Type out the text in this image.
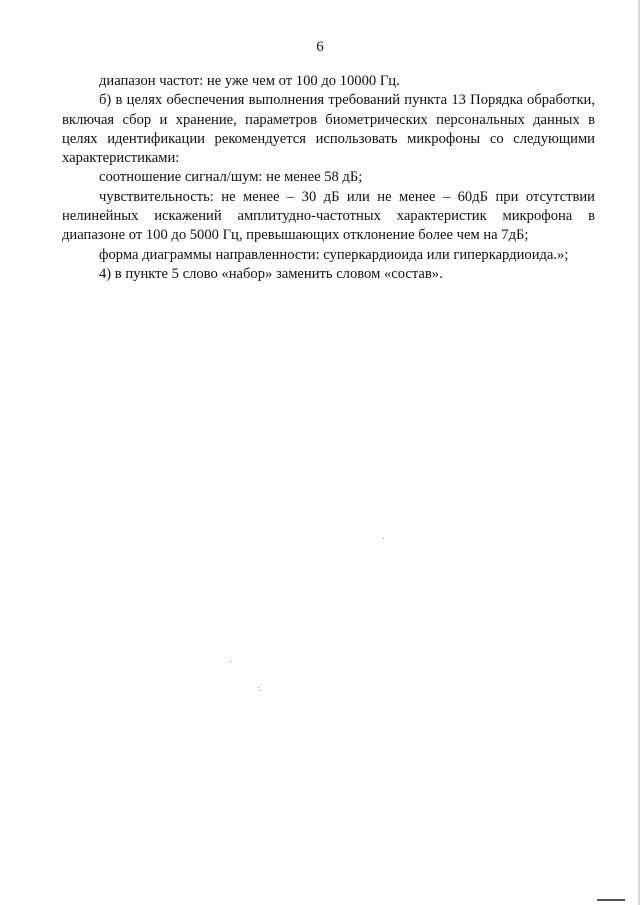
6

диапазон частот: не уже чем от 100 до 10000 Гц.

б) в целях обеспечения выполнения требований пункта 13 Порядка обработки, включая сбор и хранение, параметров биометрических персональных данных в целях идентификации рекомендуется использовать микрофоны со следующими характеристиками:

соотношение сигнал/шум: не менее 58 дБ;

чувствительность: не менее – 30 дБ или не менее – 60дБ при отсутствии нелинейных искажений амплитудно-частотных характеристик микрофона в диапазоне от 100 до 5000 Гц, превышающих отклонение более чем на 7дБ;

форма диаграммы направленности: суперкардиоида или гиперкардиоида.»;

4) в пункте 5 слово «набор» заменить словом «состав».
